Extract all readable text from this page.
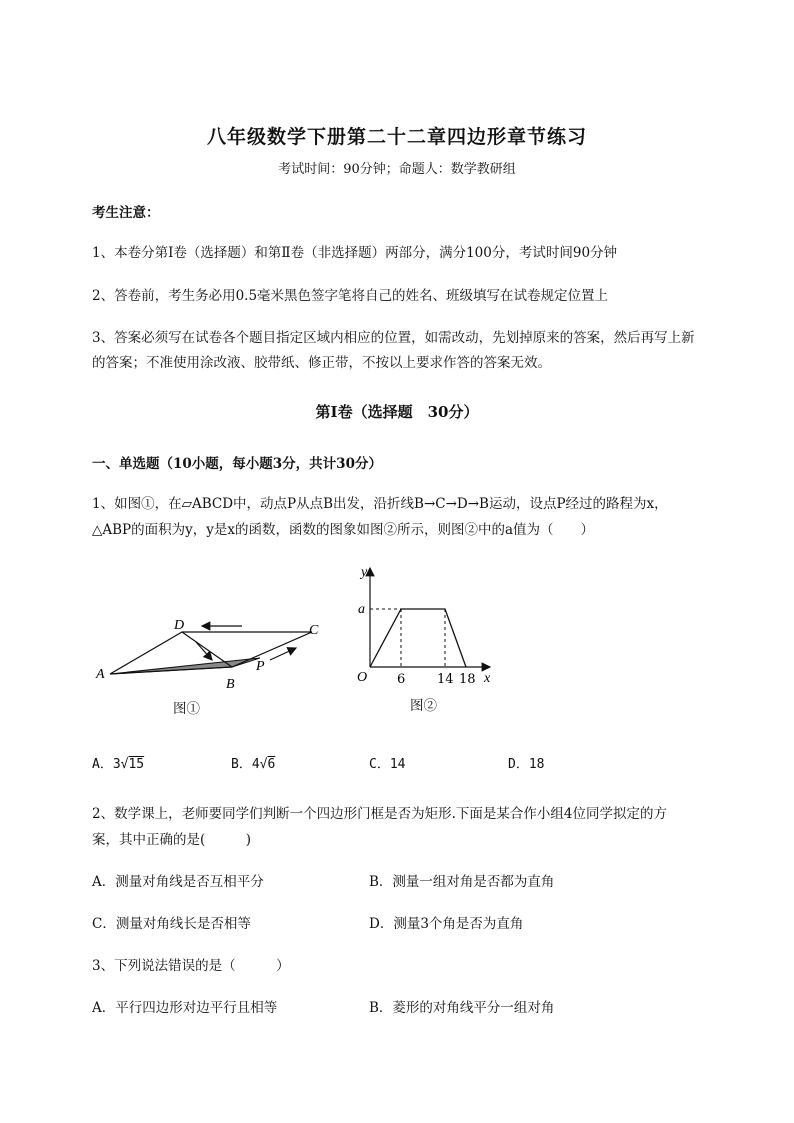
八年级数学下册第二十二章四边形章节练习
考试时间：90分钟；命题人：数学教研组
考生注意：
1、本卷分第I卷（选择题）和第Ⅱ卷（非选择题）两部分，满分100分，考试时间90分钟
2、答卷前，考生务必用0.5毫米黑色签字笔将自己的姓名、班级填写在试卷规定位置上
3、答案必须写在试卷各个题目指定区域内相应的位置，如需改动，先划掉原来的答案，然后再写上新
的答案；不准使用涂改液、胶带纸、修正带，不按以上要求作答的答案无效。
第I卷（选择题　30分）
一、单选题（10小题，每小题3分，共计30分）
1、如图①，在▱ABCD中，动点P从点B出发，沿折线B→C→D→B运动，设点P经过的路程为x，
△ABP的面积为y，y是x的函数，函数的图象如图②所示，则图②中的a值为（　　）
A
B
C
D
P
图①
y
a
O	x
6 14 18
图②
A．3√15	B．4√6	C．14	D．18
2、数学课上，老师要同学们判断一个四边形门框是否为矩形.下面是某合作小组4位同学拟定的方
案，其中正确的是(　　　)
A．测量对角线是否互相平分	B．测量一组对角是否都为直角
C．测量对角线长是否相等	D．测量3个角是否为直角
3、下列说法错误的是（　　　）
A．平行四边形对边平行且相等	B．菱形的对角线平分一组对角
